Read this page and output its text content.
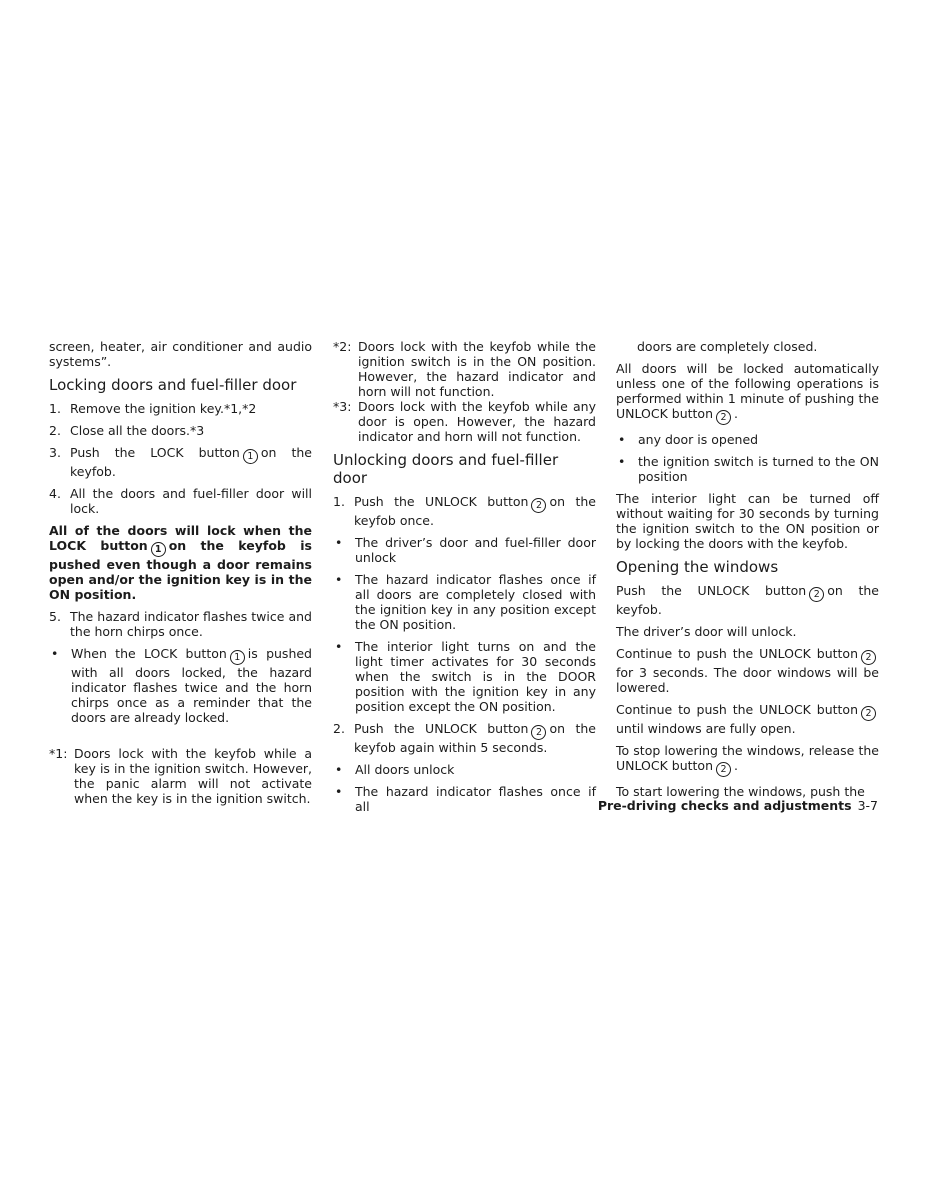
screen, heater, air conditioner and audio systems”.

Locking doors and fuel-filler door
1. Remove the ignition key.*1,*2
2. Close all the doors.*3
3. Push the LOCK button 1 on the keyfob.
4. All the doors and fuel-filler door will lock.

All of the doors will lock when the LOCK button 1 on the keyfob is pushed even though a door remains open and/or the ignition key is in the ON position.

5. The hazard indicator flashes twice and the horn chirps once.
•	When the LOCK button 1 is pushed with all doors locked, the hazard indicator flashes twice and the horn chirps once as a reminder that the doors are already locked.
*1: Doors lock with the keyfob while a key is in the ignition switch. However, the panic alarm will not activate when the key is in the ignition switch.
*2: Doors lock with the keyfob while the ignition switch is in the ON position. However, the hazard indicator and horn will not function.
*3: Doors lock with the keyfob while any door is open. However, the hazard indicator and horn will not function.
Unlocking doors and fuel-filler door
1. Push the UNLOCK button 2 on the keyfob once.
•	The driver’s door and fuel-filler door unlock
•	The hazard indicator flashes once if all doors are completely closed with the ignition key in any position except the ON position.
•	The interior light turns on and the light timer activates for 30 seconds when the switch is in the DOOR position with the ignition key in any position except the ON position.
2. Push the UNLOCK button 2 on the keyfob again within 5 seconds.
•	All doors unlock
•	The hazard indicator flashes once if all

doors are completely closed.

All doors will be locked automatically unless one of the following operations is performed within 1 minute of pushing the UNLOCK button 2 .

•	any door is opened
•	the ignition switch is turned to the ON position

The interior light can be turned off without waiting for 30 seconds by turning the ignition switch to the ON position or by locking the doors with the keyfob.

Opening the windows

Push the UNLOCK button 2 on the keyfob.

The driver’s door will unlock.

Continue to push the UNLOCK button 2for 3 seconds. The door windows will be lowered.

Continue to push the UNLOCK button 2until windows are fully open.

To stop lowering the windows, release the UNLOCK button 2 .

To start lowering the windows, push the

Pre-driving checks and adjustments 3-7
